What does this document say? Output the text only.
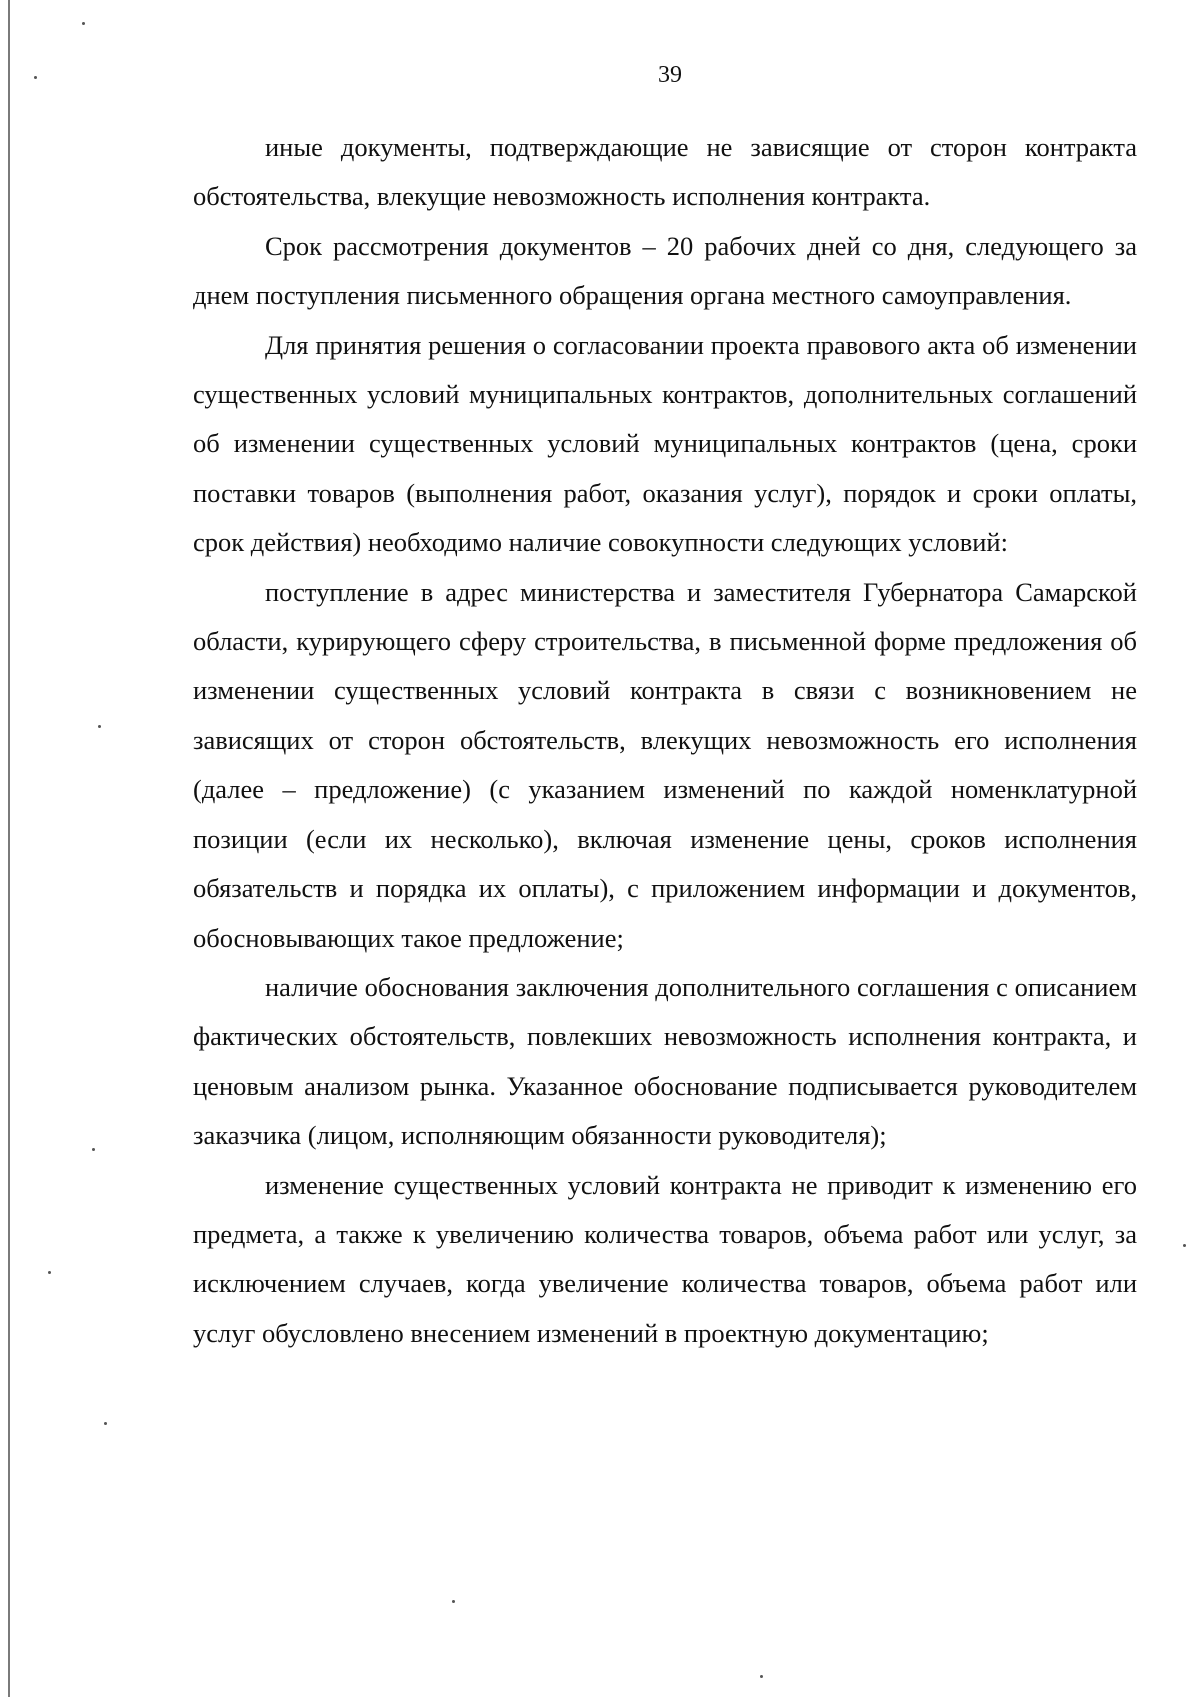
39

иные документы, подтверждающие не зависящие от сторон контракта обстоятельства, влекущие невозможность исполнения контракта.

Срок рассмотрения документов – 20 рабочих дней со дня, следующего за днем поступления письменного обращения органа местного самоуправления.

Для принятия решения о согласовании проекта правового акта об изменении существенных условий муниципальных контрактов, дополнительных соглашений об изменении существенных условий муниципальных контрактов (цена, сроки поставки товаров (выполнения работ, оказания услуг), порядок и сроки оплаты, срок действия) необходимо наличие совокупности следующих условий:

поступление в адрес министерства и заместителя Губернатора Самарской области, курирующего сферу строительства, в письменной форме предложения об изменении существенных условий контракта в связи с возникновением не зависящих от сторон обстоятельств, влекущих невозможность его исполнения (далее – предложение) (с указанием изменений по каждой номенклатурной позиции (если их несколько), включая изменение цены, сроков исполнения обязательств и порядка их оплаты), с приложением информации и документов, обосновывающих такое предложение;

наличие обоснования заключения дополнительного соглашения с описанием фактических обстоятельств, повлекших невозможность исполнения контракта, и ценовым анализом рынка. Указанное обоснование подписывается руководителем заказчика (лицом, исполняющим обязанности руководителя);

изменение существенных условий контракта не приводит к изменению его предмета, а также к увеличению количества товаров, объема работ или услуг, за исключением случаев, когда увеличение количества товаров, объема работ или услуг обусловлено внесением изменений в проектную документацию;
